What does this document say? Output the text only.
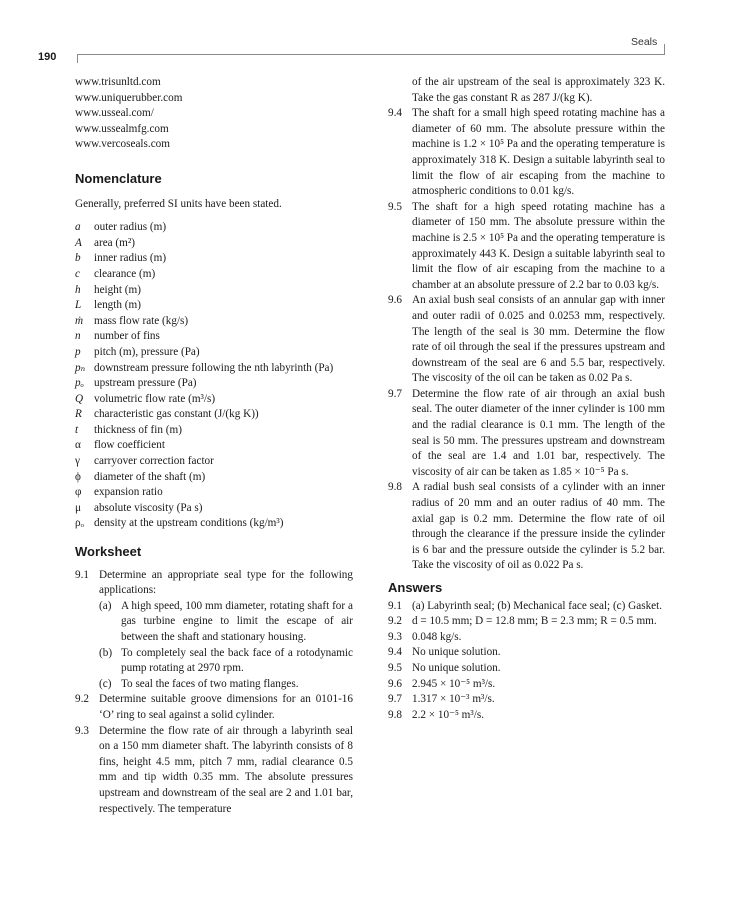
190
Seals
www.trisunltd.com
www.uniquerubber.com
www.usseal.com/
www.ussealmfg.com
www.vercoseals.com
Nomenclature
Generally, preferred SI units have been stated.
a	outer radius (m)
A	area (m²)
b	inner radius (m)
c	clearance (m)
h	height (m)
L	length (m)
ṁ mass flow rate (kg/s)
n	number of fins
p	pitch (m), pressure (Pa)
pₙ downstream pressure following the nth labyrinth (Pa)
pₒ upstream pressure (Pa)
Q volumetric flow rate (m³/s)
R	characteristic gas constant (J/(kg K))
t	thickness of fin (m)
α	flow coefficient
γ	carryover correction factor
ϕ	diameter of the shaft (m)
φ	expansion ratio
μ	absolute viscosity (Pa s)
ρₒ density at the upstream conditions (kg/m³)
Worksheet
9.1 Determine an appropriate seal type for the following applications:
(a) A high speed, 100 mm diameter, rotating shaft for a gas turbine engine to limit the escape of air between the shaft and stationary housing.
(b) To completely seal the back face of a rotodynamic pump rotating at 2970 rpm.
(c) To seal the faces of two mating flanges.
9.2 Determine suitable groove dimensions for an 0101-16 ‘O’ ring to seal against a solid cylinder.
9.3 Determine the flow rate of air through a labyrinth seal on a 150 mm diameter shaft. The labyrinth consists of 8 fins, height 4.5 mm, pitch 7 mm, radial clearance 0.5 mm and tip width 0.35 mm. The absolute pressures upstream and downstream of the seal are 2 and 1.01 bar, respectively. The temperature
of the air upstream of the seal is approximately 323 K. Take the gas constant R as 287 J/(kg K).
9.4 The shaft for a small high speed rotating machine has a diameter of 60 mm. The absolute pressure within the machine is 1.2 × 10⁵ Pa and the operating temperature is approximately 318 K. Design a suitable labyrinth seal to limit the flow of air escaping from the machine to atmospheric conditions to 0.01 kg/s.
9.5 The shaft for a high speed rotating machine has a diameter of 150 mm. The absolute pressure within the machine is 2.5 × 10⁵ Pa and the operating temperature is approximately 443 K. Design a suitable labyrinth seal to limit the flow of air escaping from the machine to a chamber at an absolute pressure of 2.2 bar to 0.03 kg/s.
9.6 An axial bush seal consists of an annular gap with inner and outer radii of 0.025 and 0.0253 mm, respectively. The length of the seal is 30 mm. Determine the flow rate of oil through the seal if the pressures upstream and downstream of the seal are 6 and 5.5 bar, respectively. The viscosity of the oil can be taken as 0.02 Pa s.
9.7 Determine the flow rate of air through an axial bush seal. The outer diameter of the inner cylinder is 100 mm and the radial clearance is 0.1 mm. The length of the seal is 50 mm. The pressures upstream and downstream of the seal are 1.4 and 1.01 bar, respectively. The viscosity of air can be taken as 1.85 × 10⁻⁵ Pa s.
9.8 A radial bush seal consists of a cylinder with an inner radius of 20 mm and an outer radius of 40 mm. The axial gap is 0.2 mm. Determine the flow rate of oil through the clearance if the pressure inside the cylinder is 6 bar and the pressure outside the cylinder is 5.2 bar. Take the viscosity of oil as 0.022 Pa s.
Answers
9.1 (a) Labyrinth seal; (b) Mechanical face seal; (c) Gasket.
9.2 d = 10.5 mm; D = 12.8 mm; B = 2.3 mm; R = 0.5 mm.
9.3 0.048 kg/s.
9.4 No unique solution.
9.5 No unique solution.
9.6 2.945 × 10⁻⁵ m³/s.
9.7 1.317 × 10⁻³ m³/s.
9.8 2.2 × 10⁻⁵ m³/s.
